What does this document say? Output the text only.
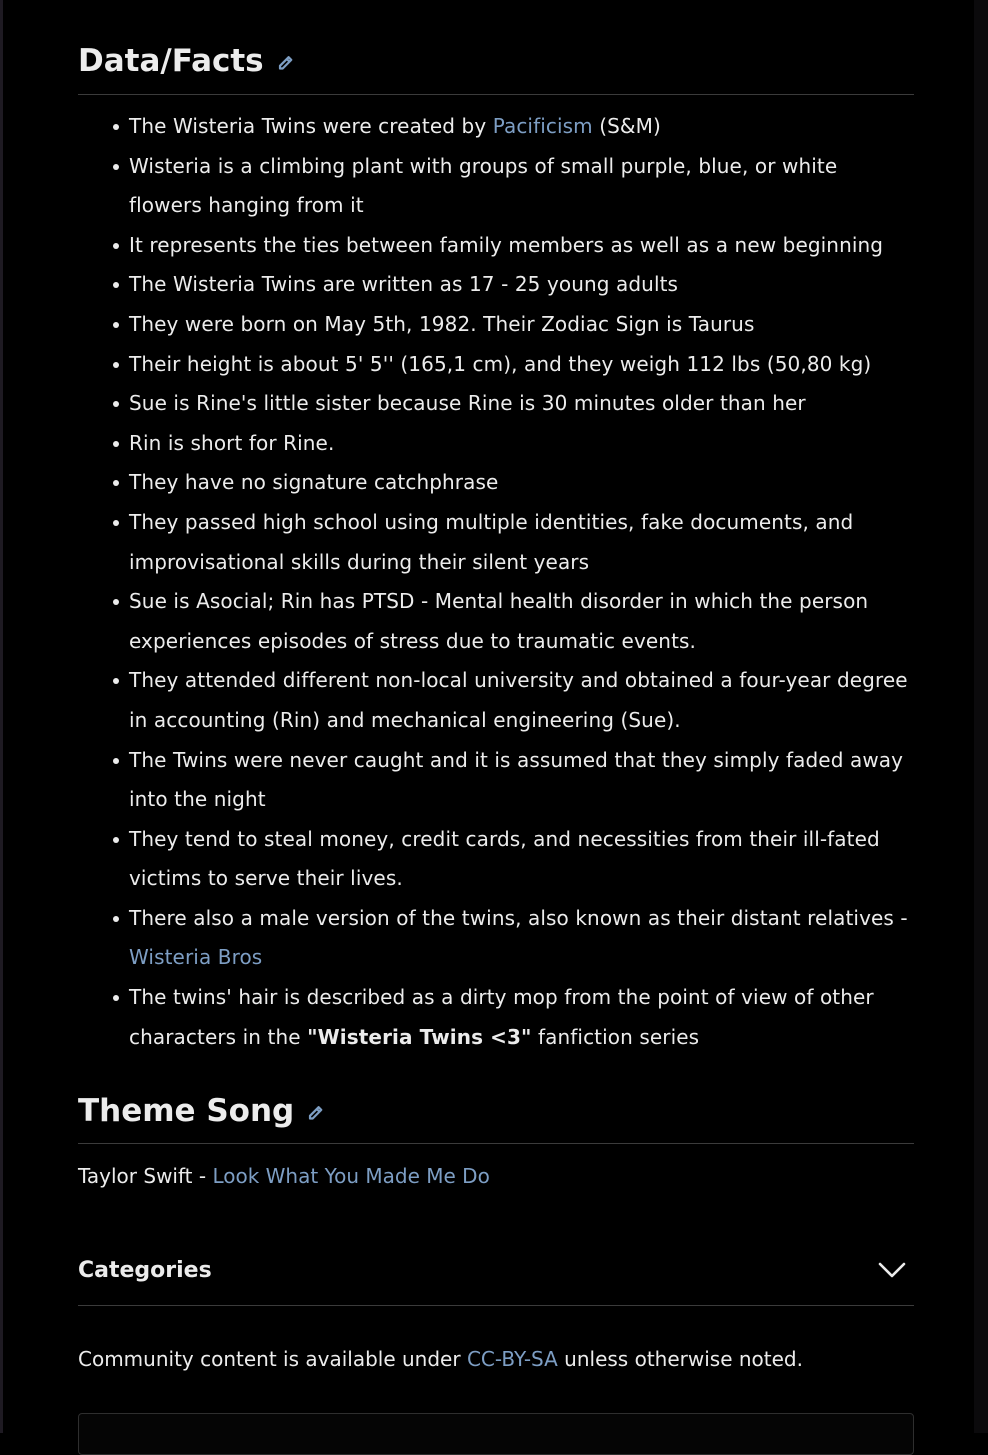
Data/Facts
The Wisteria Twins were created by Pacificism (S&M)
Wisteria is a climbing plant with groups of small purple, blue, or white flowers hanging from it
It represents the ties between family members as well as a new beginning
The Wisteria Twins are written as 17 - 25 young adults
They were born on May 5th, 1982. Their Zodiac Sign is Taurus
Their height is about 5' 5'' (165,1 cm), and they weigh 112 lbs (50,80 kg)
Sue is Rine's little sister because Rine is 30 minutes older than her
Rin is short for Rine.
They have no signature catchphrase
They passed high school using multiple identities, fake documents, and improvisational skills during their silent years
Sue is Asocial; Rin has PTSD - Mental health disorder in which the person experiences episodes of stress due to traumatic events.
They attended different non-local university and obtained a four-year degree in accounting (Rin) and mechanical engineering (Sue).
The Twins were never caught and it is assumed that they simply faded away into the night
They tend to steal money, credit cards, and necessities from their ill-fated victims to serve their lives.
There also a male version of the twins, also known as their distant relatives - Wisteria Bros
The twins' hair is described as a dirty mop from the point of view of other characters in the "Wisteria Twins <3" fanfiction series
Theme Song
Taylor Swift - Look What You Made Me Do
Categories
Community content is available under CC-BY-SA unless otherwise noted.
